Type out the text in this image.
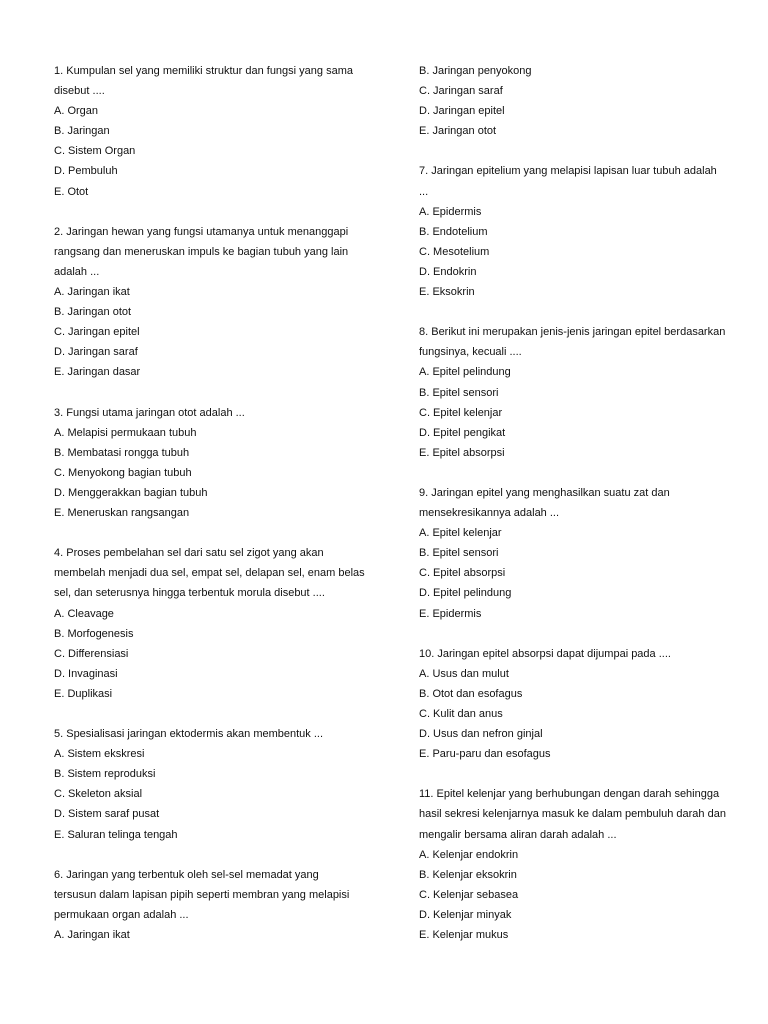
1. Kumpulan sel yang memiliki struktur dan fungsi yang sama
disebut ....
A. Organ
B. Jaringan
C. Sistem Organ
D. Pembuluh
E. Otot
2. Jaringan hewan yang fungsi utamanya untuk menanggapi
rangsang dan meneruskan impuls ke bagian tubuh yang lain
adalah ...
A. Jaringan ikat
B. Jaringan otot
C. Jaringan epitel
D. Jaringan saraf
E. Jaringan dasar
3. Fungsi utama jaringan otot adalah ...
A. Melapisi permukaan tubuh
B. Membatasi rongga tubuh
C. Menyokong bagian tubuh
D. Menggerakkan bagian tubuh
E. Meneruskan rangsangan
4. Proses pembelahan sel dari satu sel zigot yang akan
membelah menjadi dua sel, empat sel, delapan sel, enam belas
sel, dan seterusnya hingga terbentuk morula disebut ....
A. Cleavage
B. Morfogenesis
C. Differensiasi
D. Invaginasi
E. Duplikasi
5. Spesialisasi jaringan ektodermis akan membentuk ...
A. Sistem ekskresi
B. Sistem reproduksi
C. Skeleton aksial
D. Sistem saraf pusat
E. Saluran telinga tengah
6. Jaringan yang terbentuk oleh sel-sel memadat yang
tersusun dalam lapisan pipih seperti membran yang melapisi
permukaan organ adalah ...
A. Jaringan ikat
B. Jaringan penyokong
C. Jaringan saraf
D. Jaringan epitel
E. Jaringan otot
7. Jaringan epitelium yang melapisi lapisan luar tubuh adalah
...
A. Epidermis
B. Endotelium
C. Mesotelium
D. Endokrin
E. Eksokrin
8. Berikut ini merupakan jenis-jenis jaringan epitel berdasarkan
fungsinya, kecuali ....
A. Epitel pelindung
B. Epitel sensori
C. Epitel kelenjar
D. Epitel pengikat
E. Epitel absorpsi
9. Jaringan epitel yang menghasilkan suatu zat dan
mensekresikannya adalah ...
A. Epitel kelenjar
B. Epitel sensori
C. Epitel absorpsi
D. Epitel pelindung
E. Epidermis
10. Jaringan epitel absorpsi dapat dijumpai pada ....
A. Usus dan mulut
B. Otot dan esofagus
C. Kulit dan anus
D. Usus dan nefron ginjal
E. Paru-paru dan esofagus
11. Epitel kelenjar yang berhubungan dengan darah sehingga
hasil sekresi kelenjarnya masuk ke dalam pembuluh darah dan
mengalir bersama aliran darah adalah ...
A. Kelenjar endokrin
B. Kelenjar eksokrin
C. Kelenjar sebasea
D. Kelenjar minyak
E. Kelenjar mukus
